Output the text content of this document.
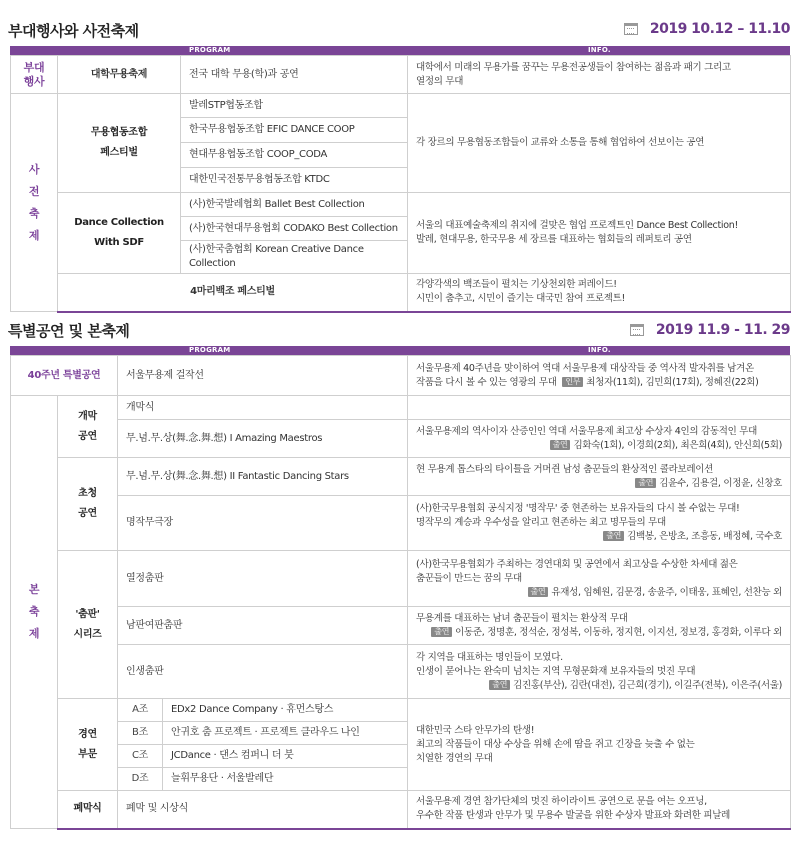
부대행사와 사전축제	2019 10.12 – 11.10
PROGRAM	INFO.
부대
행사	대학무용축제	전국 대학 무용(학)과 공연	대학에서 미래의 무용가를 꿈꾸는 무용전공생들이 참여하는 젊음과 패기 그리고
열정의 무대
사
전
축
제	무용협동조합
페스티벌	발레STP협동조합	각 장르의 무용협동조합들이 교류와 소통을 통해 협업하여 선보이는 공연
		한국무용협동조합 EFIC DANCE COOP	
		현대무용협동조합 COOP_CODA	
		대한민국전통무용협동조합 KTDC	
	Dance Collection
With SDF	(사)한국발레협회 Ballet Best Collection	서울의 대표예술축제의 취지에 걸맞은 협업 프로젝트인 Dance Best Collection!
발레, 현대무용, 한국무용 세 장르를 대표하는 협회들의 레퍼토리 공연
		(사)한국현대무용협회 CODAKO Best Collection	
		(사)한국춤협회 Korean Creative Dance Collection	
	4마리백조 페스티벌		각양각색의 백조들이 펼치는 기상천외한 퍼레이드!
시민이 춤추고, 시민이 즐기는 대국민 참여 프로젝트!
특별공연 및 본축제	2019 11.9 - 11. 29
PROGRAM	INFO.
40주년 특별공연		서울무용제 걸작선		서울무용제 40주년을 맞이하여 역대 서울무용제 대상작들 중 역사적 발자취를 남겨온
작품을 다시 볼 수 있는 영광의 무대 인무 최청자(11회), 김민희(17회), 정혜진(22회)
본
축
제	개막
공연	개막식		
		무.념.무.상(舞.念.舞.想) I Amazing Maestros		서울무용제의 역사이자 산증인인 역대 서울무용제 최고상 수상자 4인의 감동적인 무대
출연 김화숙(1회), 이경희(2회), 최은희(4회), 안신희(5회)

	초청
공연	무.념.무.상(舞.念.舞.想) II Fantastic Dancing Stars		현 무용계 톱스타의 타이틀을 거머쥔 남성 춤꾼들의 환상적인 콜라보레이션
출연 김윤수, 김용걸, 이정윤, 신창호

		명작무극장		(사)한국무용협회 공식지정 '명작무' 중 현존하는 보유자들의 다시 볼 수없는 무대!
명작무의 계승과 우수성을 알리고 현존하는 최고 명무들의 무대
출연 김백봉, 은방초, 조흥동, 배정혜, 국수호

	'춤판'
시리즈	열정춤판		(사)한국무용협회가 주최하는 경연대회 및 공연에서 최고상을 수상한 차세대 젊은
춤꾼들이 만드는 꿈의 무대
출연 유재성, 임혜원, 김문경, 송윤주, 이태웅, 표혜인, 선찬능 외

		남판여판춤판		무용계를 대표하는 남녀 춤꾼들이 펼치는 환상적 무대
출연 이동준, 정명훈, 정석순, 정성복, 이동하, 정지현, 이지선, 정보경, 홍경화, 이루다 외

		인생춤판		각 지역을 대표하는 명인들이 모였다.
인생이 묻어나는 완숙미 넘치는 지역 무형문화재 보유자들의 멋진 무대
출연 김진홍(부산), 김란(대전), 김근희(경기), 이길주(전북), 이은주(서울)

	경연
부문	A조	EDx2 Dance Company · 휴먼스탕스	대한민국 스타 안무가의 탄생!
최고의 작품들이 대상 수상을 위해 손에 땀을 쥐고 긴장을 늦출 수 없는
치열한 경연의 무대
		B조	안귀호 춤 프로젝트 · 프로젝트 클라우드 나인	
		C조	JCDance · 댄스 컴퍼니 더 붓	
		D조	늘휘무용단 · 서울발레단	
	폐막식	폐막 및 시상식		서울무용제 경연 참가단체의 멋진 하이라이트 공연으로 문을 여는 오프닝,
우수한 작품 탄생과 안무가 및 무용수 발굴을 위한 수상자 발표와 화려한 피날레
